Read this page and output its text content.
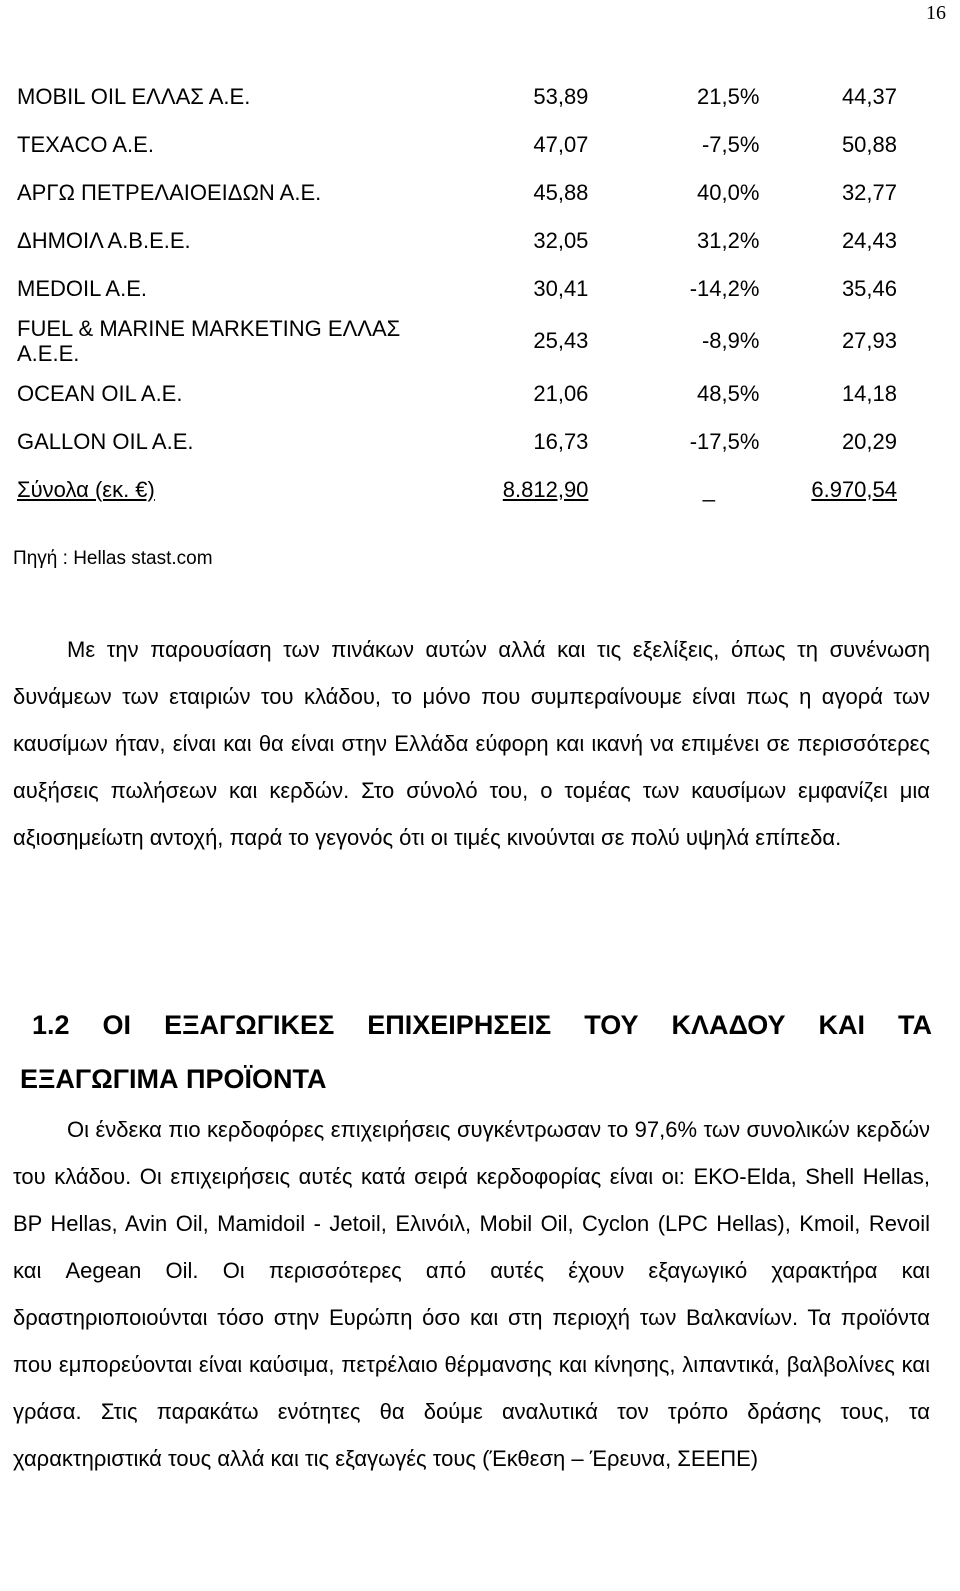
16
MOBIL OIL ΕΛΛΑΣ Α.Ε.	53,89	21,5%	44,37
TEXACO A.E.	47,07	-7,5%	50,88
ΑΡΓΩ ΠΕΤΡΕΛΑΙΟΕΙΔΩΝ Α.Ε.	45,88	40,0%	32,77
ΔΗΜΟΙΛ Α.Β.Ε.Ε.	32,05	31,2%	24,43
MEDOIL A.E.	30,41	-14,2%	35,46
FUEL & MARINE MARKETING ΕΛΛΑΣ Α.Ε.Ε.	25,43	-8,9%	27,93
OCEAN OIL A.E.	21,06	48,5%	14,18
GALLON OIL A.E.	16,73	-17,5%	20,29
Σύνολα (εκ. €)	8.812,90	_	6.970,54
Πηγή : Hellas stast.com

Με την παρουσίαση των πινάκων αυτών αλλά και τις εξελίξεις, όπως τη συνένωση δυνάμεων των εταιριών του κλάδου, το μόνο που συμπεραίνουμε είναι πως η αγορά των καυσίμων ήταν, είναι και θα είναι στην Ελλάδα εύφορη και ικανή να επιμένει σε περισσότερες αυξήσεις πωλήσεων και κερδών. Στο σύνολό του, ο τομέας των καυσίμων εμφανίζει μια αξιοσημείωτη αντοχή, παρά το γεγονός ότι οι τιμές κινούνται σε πολύ υψηλά επίπεδα.

1.2 ΟΙ ΕΞΑΓΩΓΙΚΕΣ ΕΠΙΧΕΙΡΗΣΕΙΣ ΤΟΥ ΚΛΑΔΟΥ ΚΑΙ ΤΑ
ΕΞΑΓΩΓΙΜΑ ΠΡΟΪΟΝΤΑ

Οι ένδεκα πιο κερδοφόρες επιχειρήσεις συγκέντρωσαν το 97,6% των συνολικών κερδών του κλάδου. Οι επιχειρήσεις αυτές κατά σειρά κερδοφορίας είναι οι: ΕΚΟ-Elda, Shell Hellas, BP Hellas, Avin Oil, Mamidoil - Jetoil, Ελινόιλ, Mobil Oil, Cyclon (LPC Hellas), Kmoil, Revoil και Aegean Oil. Οι περισσότερες από αυτές έχουν εξαγωγικό χαρακτήρα και δραστηριοποιούνται τόσο στην Ευρώπη όσο και στη περιοχή των Βαλκανίων. Τα προϊόντα που εμπορεύονται είναι καύσιμα, πετρέλαιο θέρμανσης και κίνησης, λιπαντικά, βαλβολίνες και γράσα. Στις παρακάτω ενότητες θα δούμε αναλυτικά τον τρόπο δράσης τους, τα χαρακτηριστικά τους αλλά και τις εξαγωγές τους (Έκθεση – Έρευνα, ΣΕΕΠΕ)
